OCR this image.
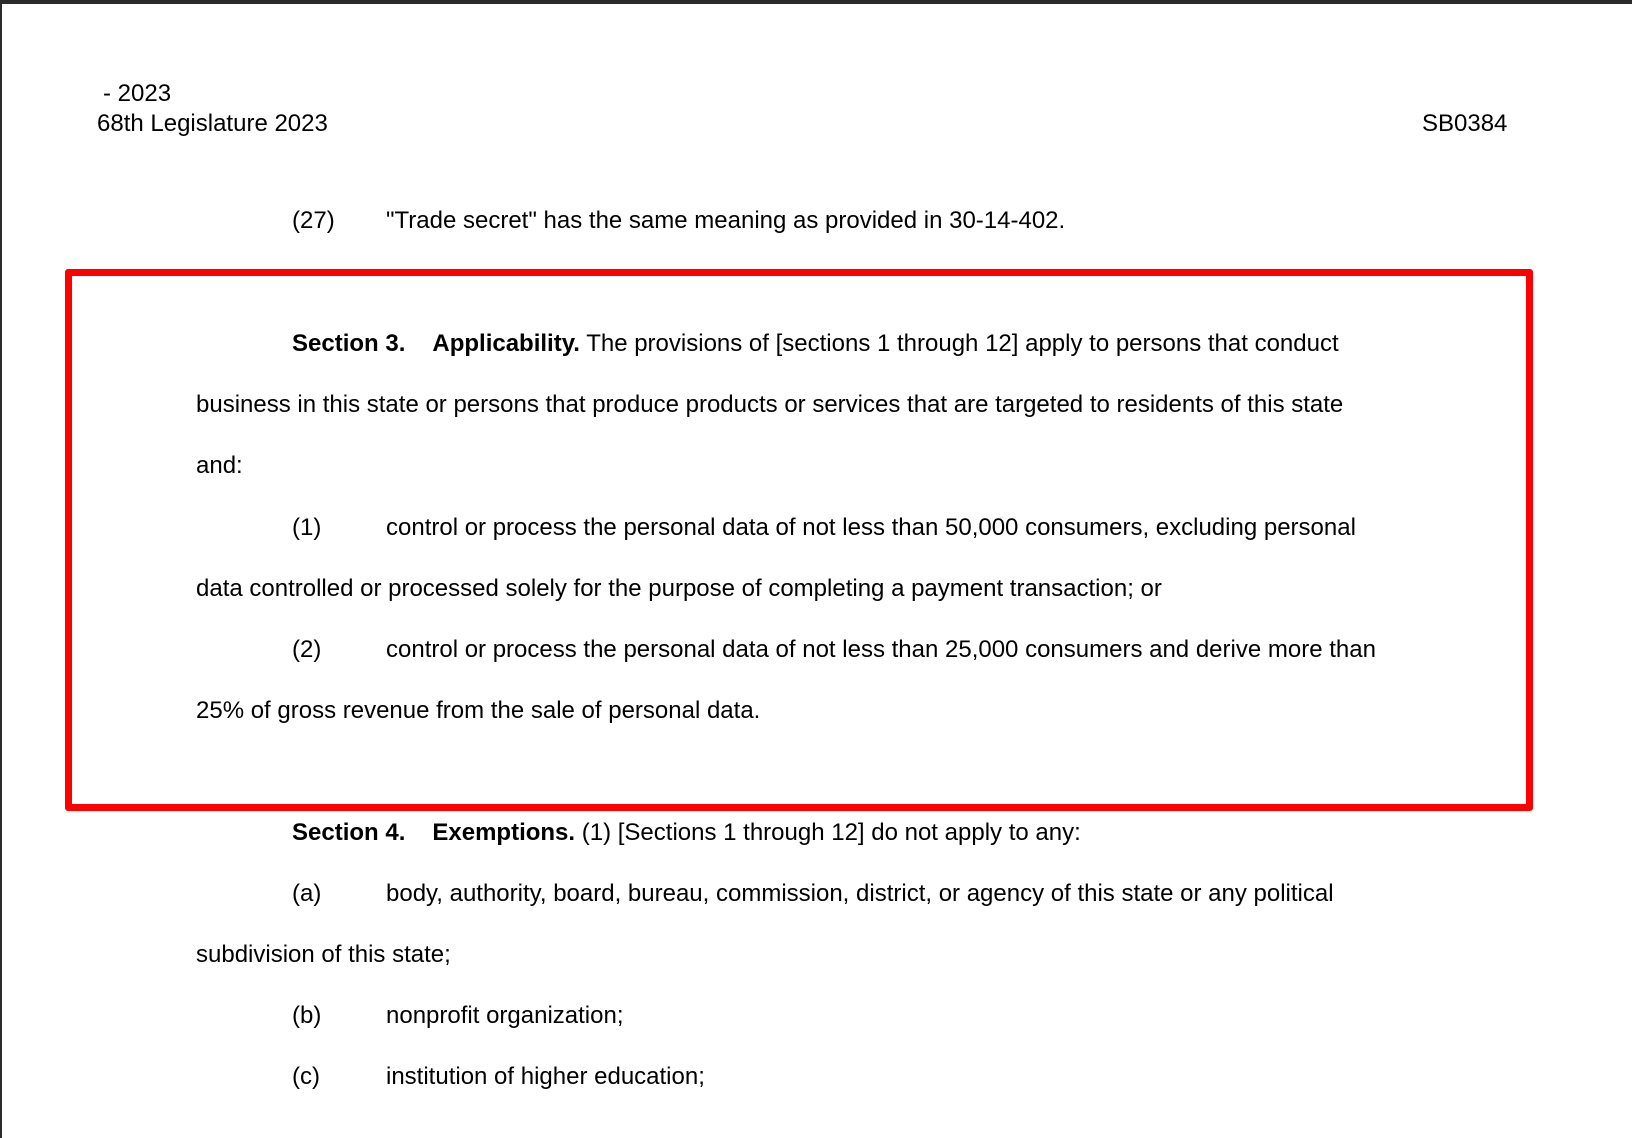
- 2023
68th Legislature 2023	SB0384
(27) "Trade secret" has the same meaning as provided in 30-14-402.
Section 3. Applicability. The provisions of [sections 1 through 12] apply to persons that conduct
business in this state or persons that produce products or services that are targeted to residents of this state
and:
(1)	control or process the personal data of not less than 50,000 consumers, excluding personal
data controlled or processed solely for the purpose of completing a payment transaction; or
(2)	control or process the personal data of not less than 25,000 consumers and derive more than
25% of gross revenue from the sale of personal data.
Section 4. Exemptions. (1) [Sections 1 through 12] do not apply to any:
(a)	body, authority, board, bureau, commission, district, or agency of this state or any political
subdivision of this state;
(b)	nonprofit organization;
(c)	institution of higher education;
